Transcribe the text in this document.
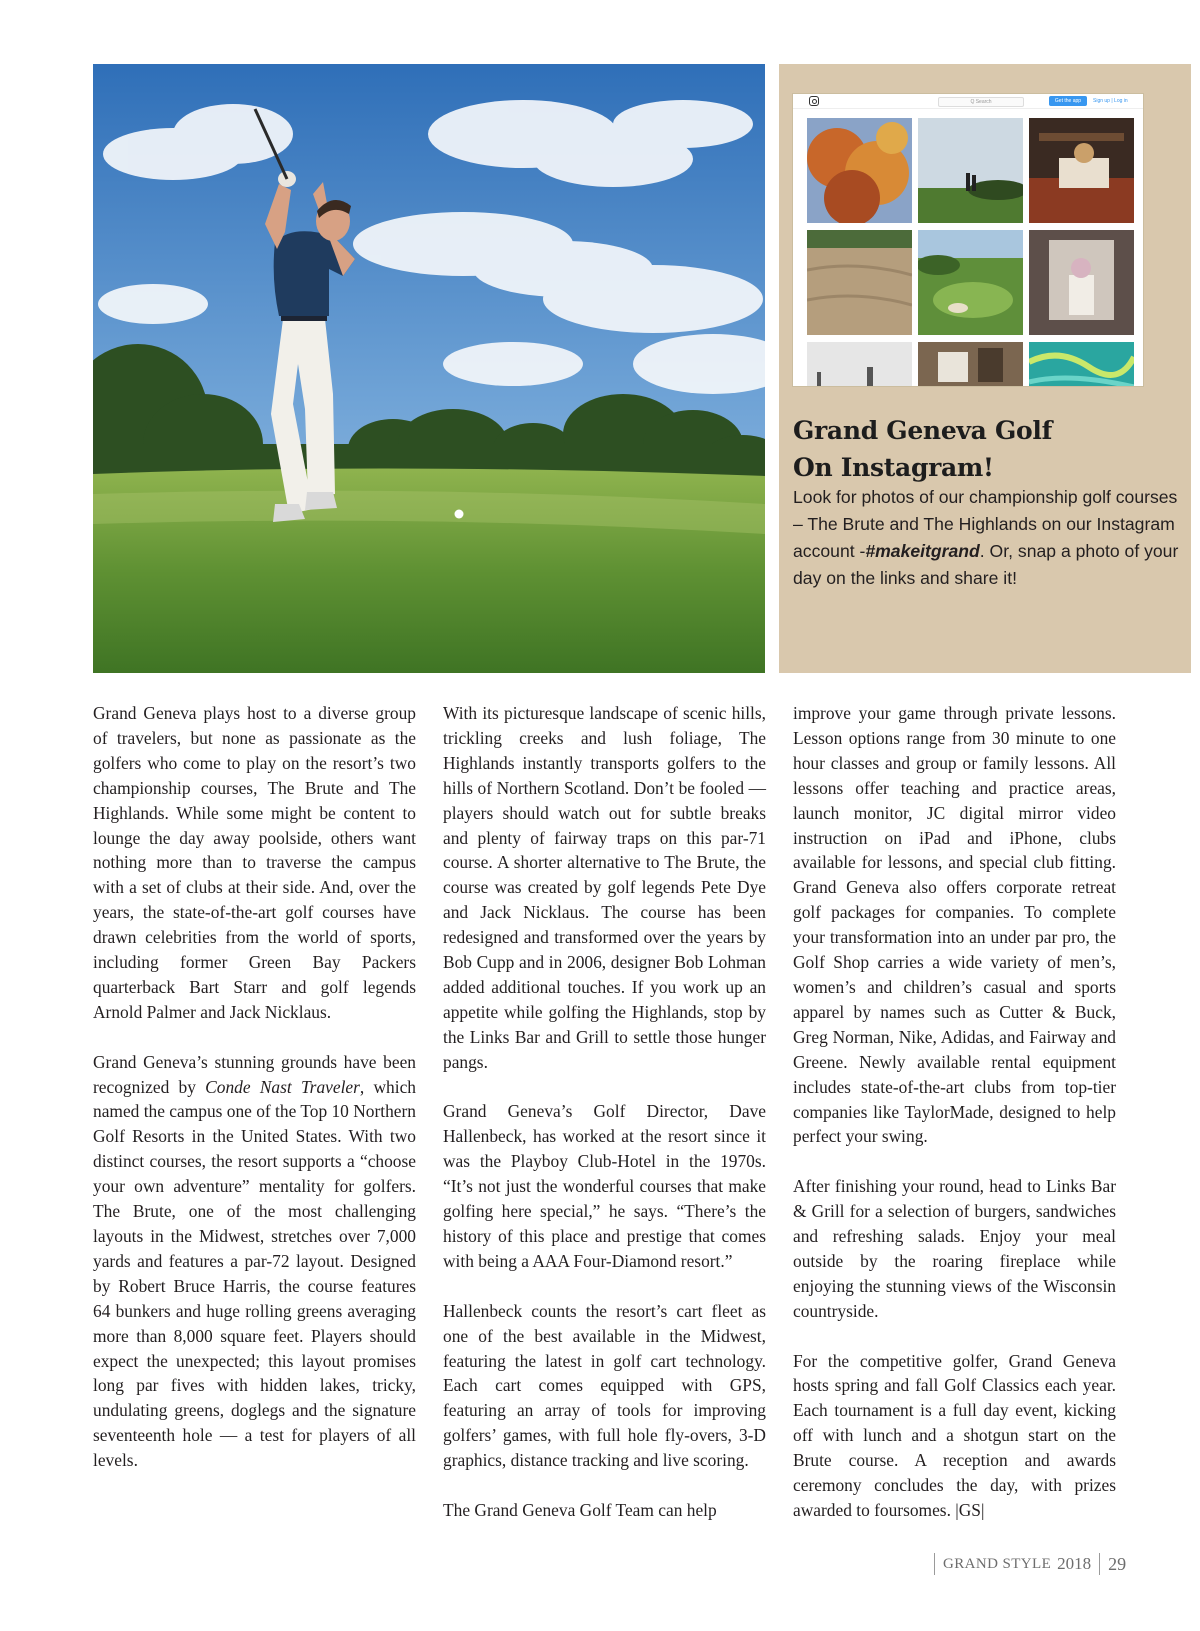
Q Search	Get the app	Sign up | Log in
Grand Geneva Golf
On Instagram!

Look for photos of our championship golf courses – The Brute and The Highlands on our Instagram account -#makeitgrand. Or, snap a photo of your day on the links and share it!

Grand Geneva plays host to a diverse group of travelers, but none as passionate as the golfers who come to play on the resort’s two championship courses, The Brute and The Highlands. While some might be content to lounge the day away poolside, others want nothing more than to traverse the campus with a set of clubs at their side. And, over the years, the state-of-the-art golf courses have drawn celebrities from the world of sports, including former Green Bay Packers quarterback Bart Starr and golf legends Arnold Palmer and Jack Nicklaus.

Grand Geneva’s stunning grounds have been recognized by Conde Nast Traveler, which named the campus one of the Top 10 Northern Golf Resorts in the United States. With two distinct courses, the resort supports a “choose your own adventure” mentality for golfers. The Brute, one of the most challenging layouts in the Midwest, stretches over 7,000 yards and features a par-72 layout. Designed by Robert Bruce Harris, the course features 64 bunkers and huge rolling greens averaging more than 8,000 square feet. Players should expect the unexpected; this layout promises long par fives with hidden lakes, tricky, undulating greens, doglegs and the signature seventeenth hole — a test for players of all levels.

With its picturesque landscape of scenic hills, trickling creeks and lush foliage, The Highlands instantly transports golfers to the hills of Northern Scotland. Don’t be fooled — players should watch out for subtle breaks and plenty of fairway traps on this par-71 course. A shorter alternative to The Brute, the course was created by golf legends Pete Dye and Jack Nicklaus. The course has been redesigned and transformed over the years by Bob Cupp and in 2006, designer Bob Lohman added additional touches. If you work up an appetite while golfing the Highlands, stop by the Links Bar and Grill to settle those hunger pangs.

Grand Geneva’s Golf Director, Dave Hallenbeck, has worked at the resort since it was the Playboy Club-Hotel in the 1970s. “It’s not just the wonderful courses that make golfing here special,” he says. “There’s the history of this place and prestige that comes with being a AAA Four-Diamond resort.”

Hallenbeck counts the resort’s cart fleet as one of the best available in the Midwest, featuring the latest in golf cart technology. Each cart comes equipped with GPS, featuring an array of tools for improving golfers’ games, with full hole fly-overs, 3-D graphics, distance tracking and live scoring.

The Grand Geneva Golf Team can help

improve your game through private lessons. Lesson options range from 30 minute to one hour classes and group or family lessons. All lessons offer teaching and practice areas, launch monitor, JC digital mirror video instruction on iPad and iPhone, clubs available for lessons, and special club fitting. Grand Geneva also offers corporate retreat golf packages for companies. To complete your transformation into an under par pro, the Golf Shop carries a wide variety of men’s, women’s and children’s casual and sports apparel by names such as Cutter & Buck, Greg Norman, Nike, Adidas, and Fairway and Greene. Newly available rental equipment includes state-of-the-art clubs from top-tier companies like TaylorMade, designed to help perfect your swing.

After finishing your round, head to Links Bar & Grill for a selection of burgers, sandwiches and refreshing salads. Enjoy your meal outside by the roaring fireplace while enjoying the stunning views of the Wisconsin countryside.

For the competitive golfer, Grand Geneva hosts spring and fall Golf Classics each year. Each tournament is a full day event, kicking off with lunch and a shotgun start on the Brute course. A reception and awards ceremony concludes the day, with prizes awarded to foursomes. |GS|

GRAND STYLE 2018 29
